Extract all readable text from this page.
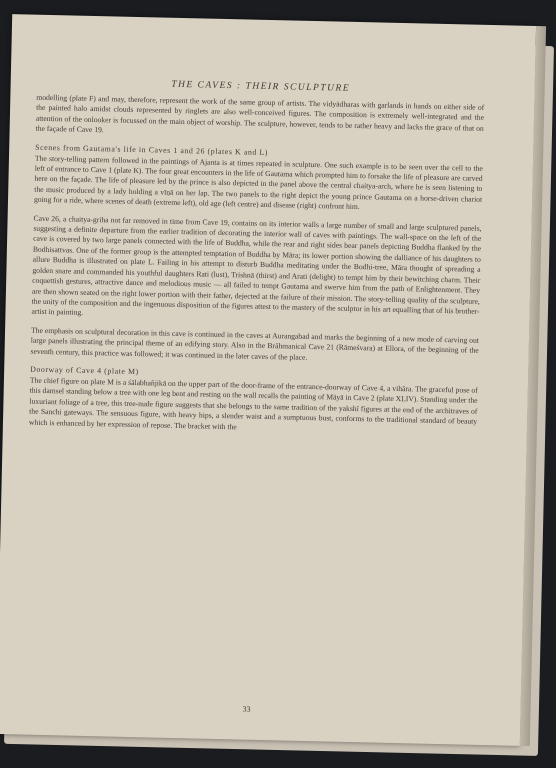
THE CAVES : THEIR SCULPTURE

modelling (plate F) and may, therefore, represent the work of the same group of artists. The vidyādharas with garlands in hands on either side of the painted halo amidst clouds represented by ringlets are also well-conceived figures. The composition is extremely well-integrated and the attention of the onlooker is focussed on the main object of worship. The sculpture, however, tends to be rather heavy and lacks the grace of that on the façade of Cave 19.

Scenes from Gautama's life in Caves 1 and 26 (plates K and L)

The story-telling pattern followed in the paintings of Ajanta is at times repeated in sculpture. One such example is to be seen over the cell to the left of entrance to Cave 1 (plate K). The four great encounters in the life of Gautama which prompted him to forsake the life of pleasure are carved here on the façade. The life of pleasure led by the prince is also depicted in the panel above the central chaitya-arch, where he is seen listening to the music produced by a lady holding a vīṇā on her lap. The two panels to the right depict the young prince Gautama on a horse-driven chariot going for a ride, where scenes of death (extreme left), old age (left centre) and disease (right) confront him.

Cave 26, a chaitya-griha not far removed in time from Cave 19, contains on its interior walls a large number of small and large sculptured panels, suggesting a definite departure from the earlier tradition of decorating the interior wall of caves with paintings. The wall-space on the left of the cave is covered by two large panels connected with the life of Buddha, while the rear and right sides bear panels depicting Buddha flanked by the Bodhisattvas. One of the former group is the attempted temptation of Buddha by Māra; its lower portion showing the dalliance of his daughters to allure Buddha is illustrated on plate L. Failing in his attempt to disturb Buddha meditating under the Bodhi-tree, Māra thought of spreading a golden snare and commanded his youthful daughters Rati (lust), Trishnā (thirst) and Arati (delight) to tempt him by their bewitching charm. Their coquettish gestures, attractive dance and melodious music — all failed to tempt Gautama and swerve him from the path of Enlightenment. They are then shown seated on the right lower portion with their father, dejected at the failure of their mission. The story-telling quality of the sculpture, the unity of the composition and the ingenuous disposition of the figures attest to the mastery of the sculptor in his art equalling that of his brother-artist in painting.

The emphasis on sculptural decoration in this cave is continued in the caves at Aurangabad and marks the beginning of a new mode of carving out large panels illustrating the principal theme of an edifying story. Also in the Brāhmanical Cave 21 (Rāmeśvara) at Ellora, of the beginning of the seventh century, this practice was followed; it was continued in the later caves of the place.

Doorway of Cave 4 (plate M)

The chief figure on plate M is a śālabhañjikā on the upper part of the door-frame of the entrance-doorway of Cave 4, a vihāra. The graceful pose of this damsel standing below a tree with one leg bent and resting on the wall recalls the painting of Māyā in Cave 2 (plate XLIV). Standing under the luxuriant foliage of a tree, this tree-nude figure suggests that she belongs to the same tradition of the yakshī figures at the end of the architraves of the Sanchi gateways. The sensuous figure, with heavy hips, a slender waist and a sumptuous bust, conforms to the traditional standard of beauty which is enhanced by her expression of repose. The bracket with the

33
